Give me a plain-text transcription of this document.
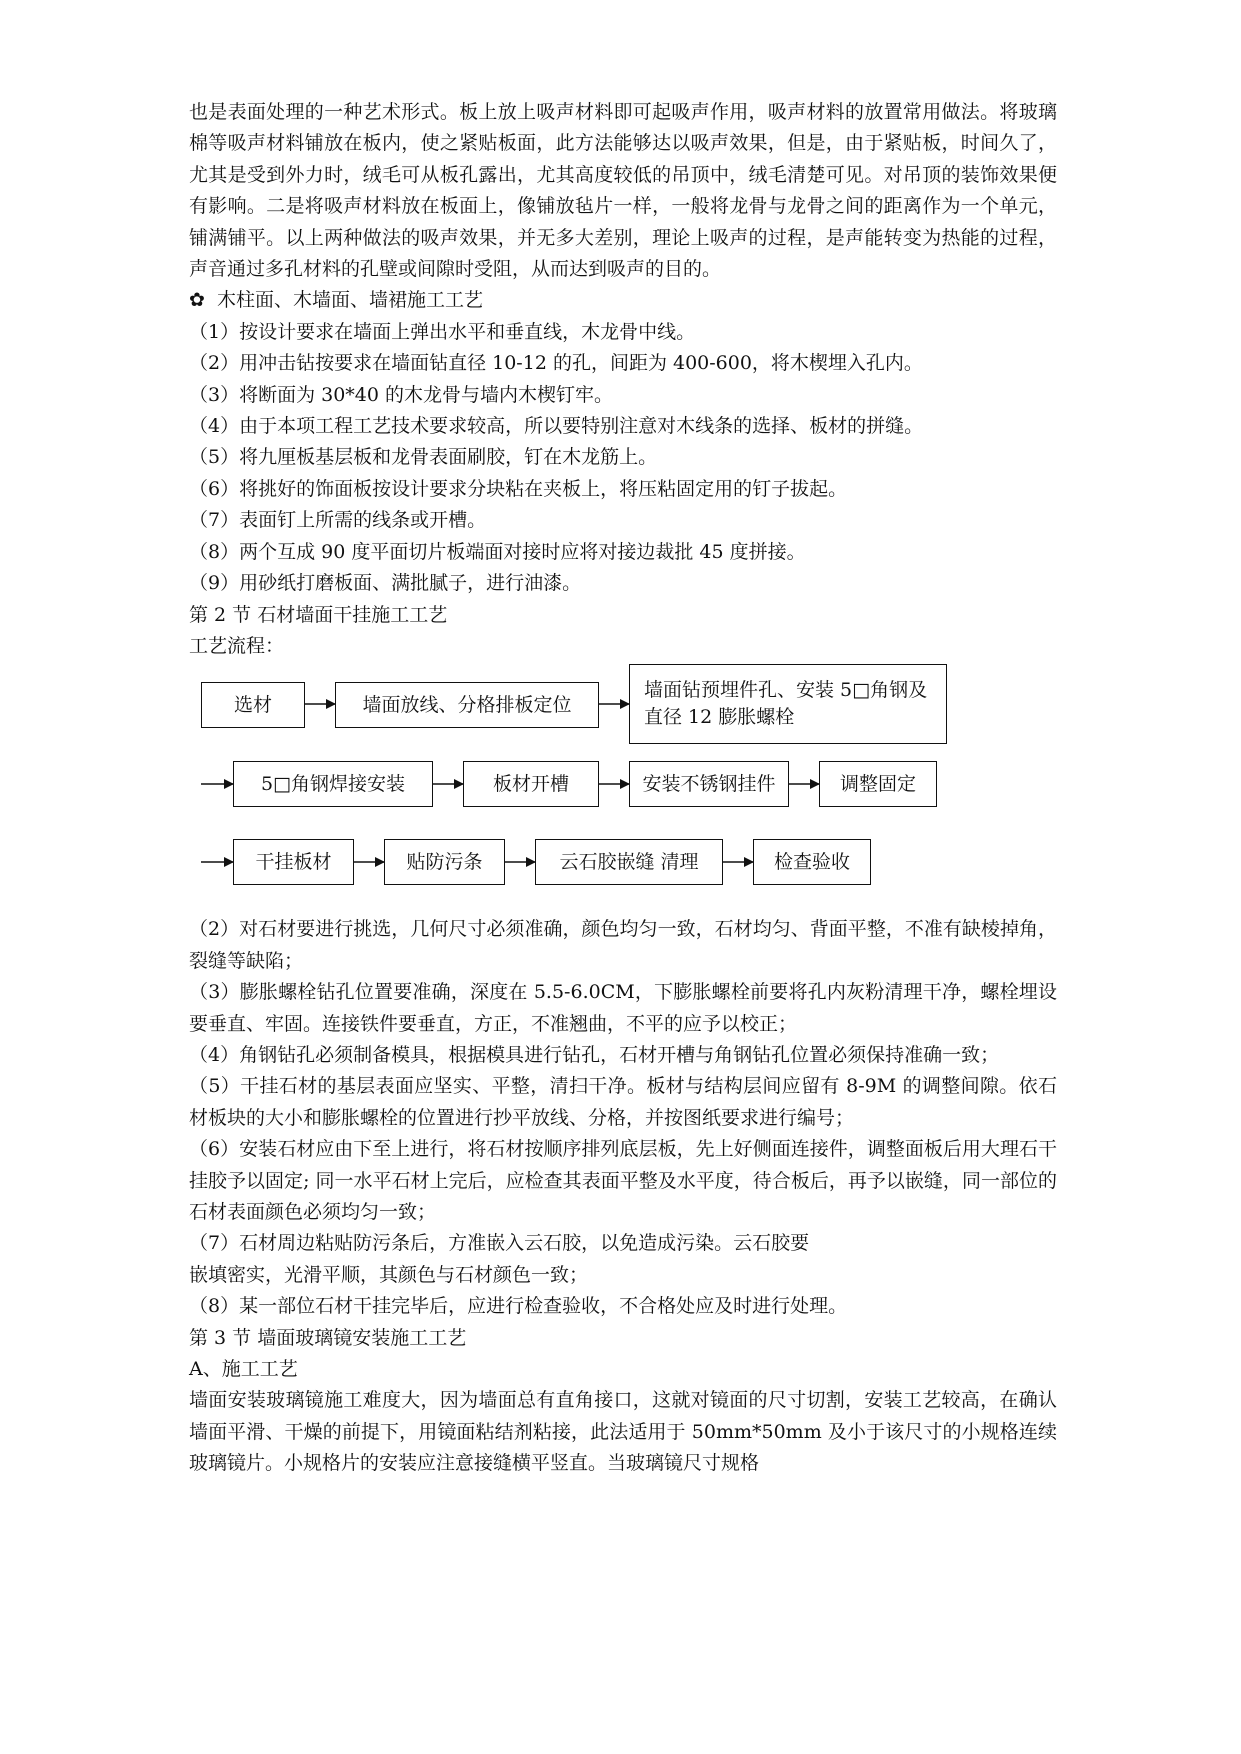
也是表面处理的一种艺术形式。板上放上吸声材料即可起吸声作用，吸声材料的放置常用做法。将玻璃棉等吸声材料铺放在板内，使之紧贴板面，此方法能够达以吸声效果，但是，由于紧贴板，时间久了，尤其是受到外力时，绒毛可从板孔露出，尤其高度较低的吊顶中，绒毛清楚可见。对吊顶的装饰效果便有影响。二是将吸声材料放在板面上，像铺放毡片一样，一般将龙骨与龙骨之间的距离作为一个单元，铺满铺平。以上两种做法的吸声效果，并无多大差别，理论上吸声的过程，是声能转变为热能的过程，声音通过多孔材料的孔壁或间隙时受阻，从而达到吸声的目的。

✿ 木柱面、木墙面、墙裙施工工艺
（1）按设计要求在墙面上弹出水平和垂直线，木龙骨中线。
（2）用冲击钻按要求在墙面钻直径 10-12 的孔，间距为 400-600，将木楔埋入孔内。
（3）将断面为 30*40 的木龙骨与墙内木楔钉牢。
（4）由于本项工程工艺技术要求较高，所以要特别注意对木线条的选择、板材的拼缝。
（5）将九厘板基层板和龙骨表面刷胶，钉在木龙筋上。
（6）将挑好的饰面板按设计要求分块粘在夹板上，将压粘固定用的钉子拔起。
（7）表面钉上所需的线条或开槽。
（8）两个互成 90 度平面切片板端面对接时应将对接边裁批 45 度拼接。
（9）用砂纸打磨板面、满批腻子，进行油漆。
第 2 节 石材墙面干挂施工工艺
工艺流程：
选材	墙面放线、分格排板定位
墙面钻预埋件孔、安装 5□角钢及直径 12 膨胀螺栓
5□角钢焊接安装	板材开槽	安装不锈钢挂件	调整固定
干挂板材	贴防污条	云石胶嵌缝 清理	检查验收

（2）对石材要进行挑选，几何尺寸必须准确，颜色均匀一致，石材均匀、背面平整，不准有缺棱掉角，裂缝等缺陷；

（3）膨胀螺栓钻孔位置要准确，深度在 5.5-6.0CM，下膨胀螺栓前要将孔内灰粉清理干净，螺栓埋设要垂直、牢固。连接铁件要垂直，方正，不准翘曲，不平的应予以校正；

（4）角钢钻孔必须制备模具，根据模具进行钻孔，石材开槽与角钢钻孔位置必须保持准确一致；

（5）干挂石材的基层表面应坚实、平整，清扫干净。板材与结构层间应留有 8-9M 的调整间隙。依石材板块的大小和膨胀螺栓的位置进行抄平放线、分格，并按图纸要求进行编号；

（6）安装石材应由下至上进行，将石材按顺序排列底层板，先上好侧面连接件，调整面板后用大理石干挂胶予以固定; 同一水平石材上完后，应检查其表面平整及水平度，待合板后，再予以嵌缝，同一部位的石材表面颜色必须均匀一致；

（7）石材周边粘贴防污条后，方准嵌入云石胶，以免造成污染。云石胶要
嵌填密实，光滑平顺，其颜色与石材颜色一致；
（8）某一部位石材干挂完毕后，应进行检查验收，不合格处应及时进行处理。
第 3 节 墙面玻璃镜安装施工工艺
A、施工工艺

墙面安装玻璃镜施工难度大，因为墙面总有直角接口，这就对镜面的尺寸切割，安装工艺较高，在确认墙面平滑、干燥的前提下，用镜面粘结剂粘接，此法适用于 50mm*50mm 及小于该尺寸的小规格连续玻璃镜片。小规格片的安装应注意接缝横平竖直。当玻璃镜尺寸规格
